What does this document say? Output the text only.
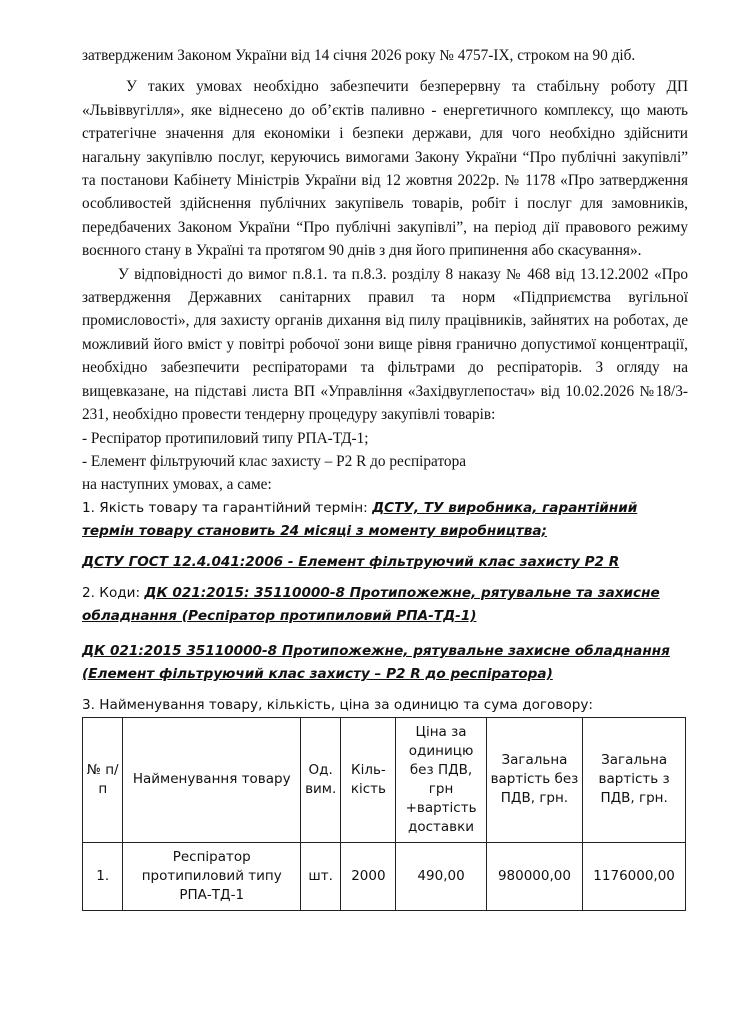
затвердженим Законом України від 14 січня 2026 року № 4757-IX, строком на 90 діб.

У таких умовах необхідно забезпечити безперервну та стабільну роботу ДП «Львіввугілля», яке віднесено до об’єктів паливно - енергетичного комплексу, що мають стратегічне значення для економіки і безпеки держави, для чого необхідно здійснити нагальну закупівлю послуг, керуючись вимогами Закону України “Про публічні закупівлі” та постанови Кабінету Міністрів України від 12 жовтня 2022р. № 1178 «Про затвердження особливостей здійснення публічних закупівель товарів, робіт і послуг для замовників, передбачених Законом України “Про публічні закупівлі”, на період дії правового режиму воєнного стану в Україні та протягом 90 днів з дня його припинення або скасування».

У відповідності до вимог п.8.1. та п.8.3. розділу 8 наказу № 468 від 13.12.2002 «Про затвердження Державних санітарних правил та норм «Підприємства вугільної промисловості», для захисту органів дихання від пилу працівників, зайнятих на роботах, де можливий його вміст у повітрі робочої зони вище рівня гранично допустимої концентрації, необхідно забезпечити респіраторами та фільтрами до респіраторів. З огляду на вищевказане, на підставі листа ВП «Управління «Західвуглепостач» від 10.02.2026 №18/3-231, необхідно провести тендерну процедуру закупівлі товарів:

- Респіратор протипиловий типу РПА-ТД-1;

- Елемент фільтруючий клас захисту – Р2 R до респіратора

на наступних умовах, а саме:

1. Якість товару та гарантійний термін: ДСТУ, ТУ виробника, гарантійний термін товару становить 24 місяці з моменту виробництва;

ДСТУ ГОСТ 12.4.041:2006 - Елемент фільтруючий клас захисту Р2 R

2. Коди: ДК 021:2015: 35110000-8 Протипожежне, рятувальне та захисне обладнання (Респіратор протипиловий РПА-ТД-1)

ДК 021:2015 35110000-8 Протипожежне, рятувальне захисне обладнання (Елемент фільтруючий клас захисту – Р2 R до респіратора)

3. Найменування товару, кількість, ціна за одиницю та сума договору:

№ п/п	Найменування товару	Од. вим.	Кіль-кість	Ціна за одиницю без ПДВ, грн +вартість доставки	Загальна вартість без ПДВ, грн.	Загальна вартість з ПДВ, грн.
1.	Респіратор протипиловий типу РПА-ТД-1	шт.	2000	490,00	980000,00	1176000,00
